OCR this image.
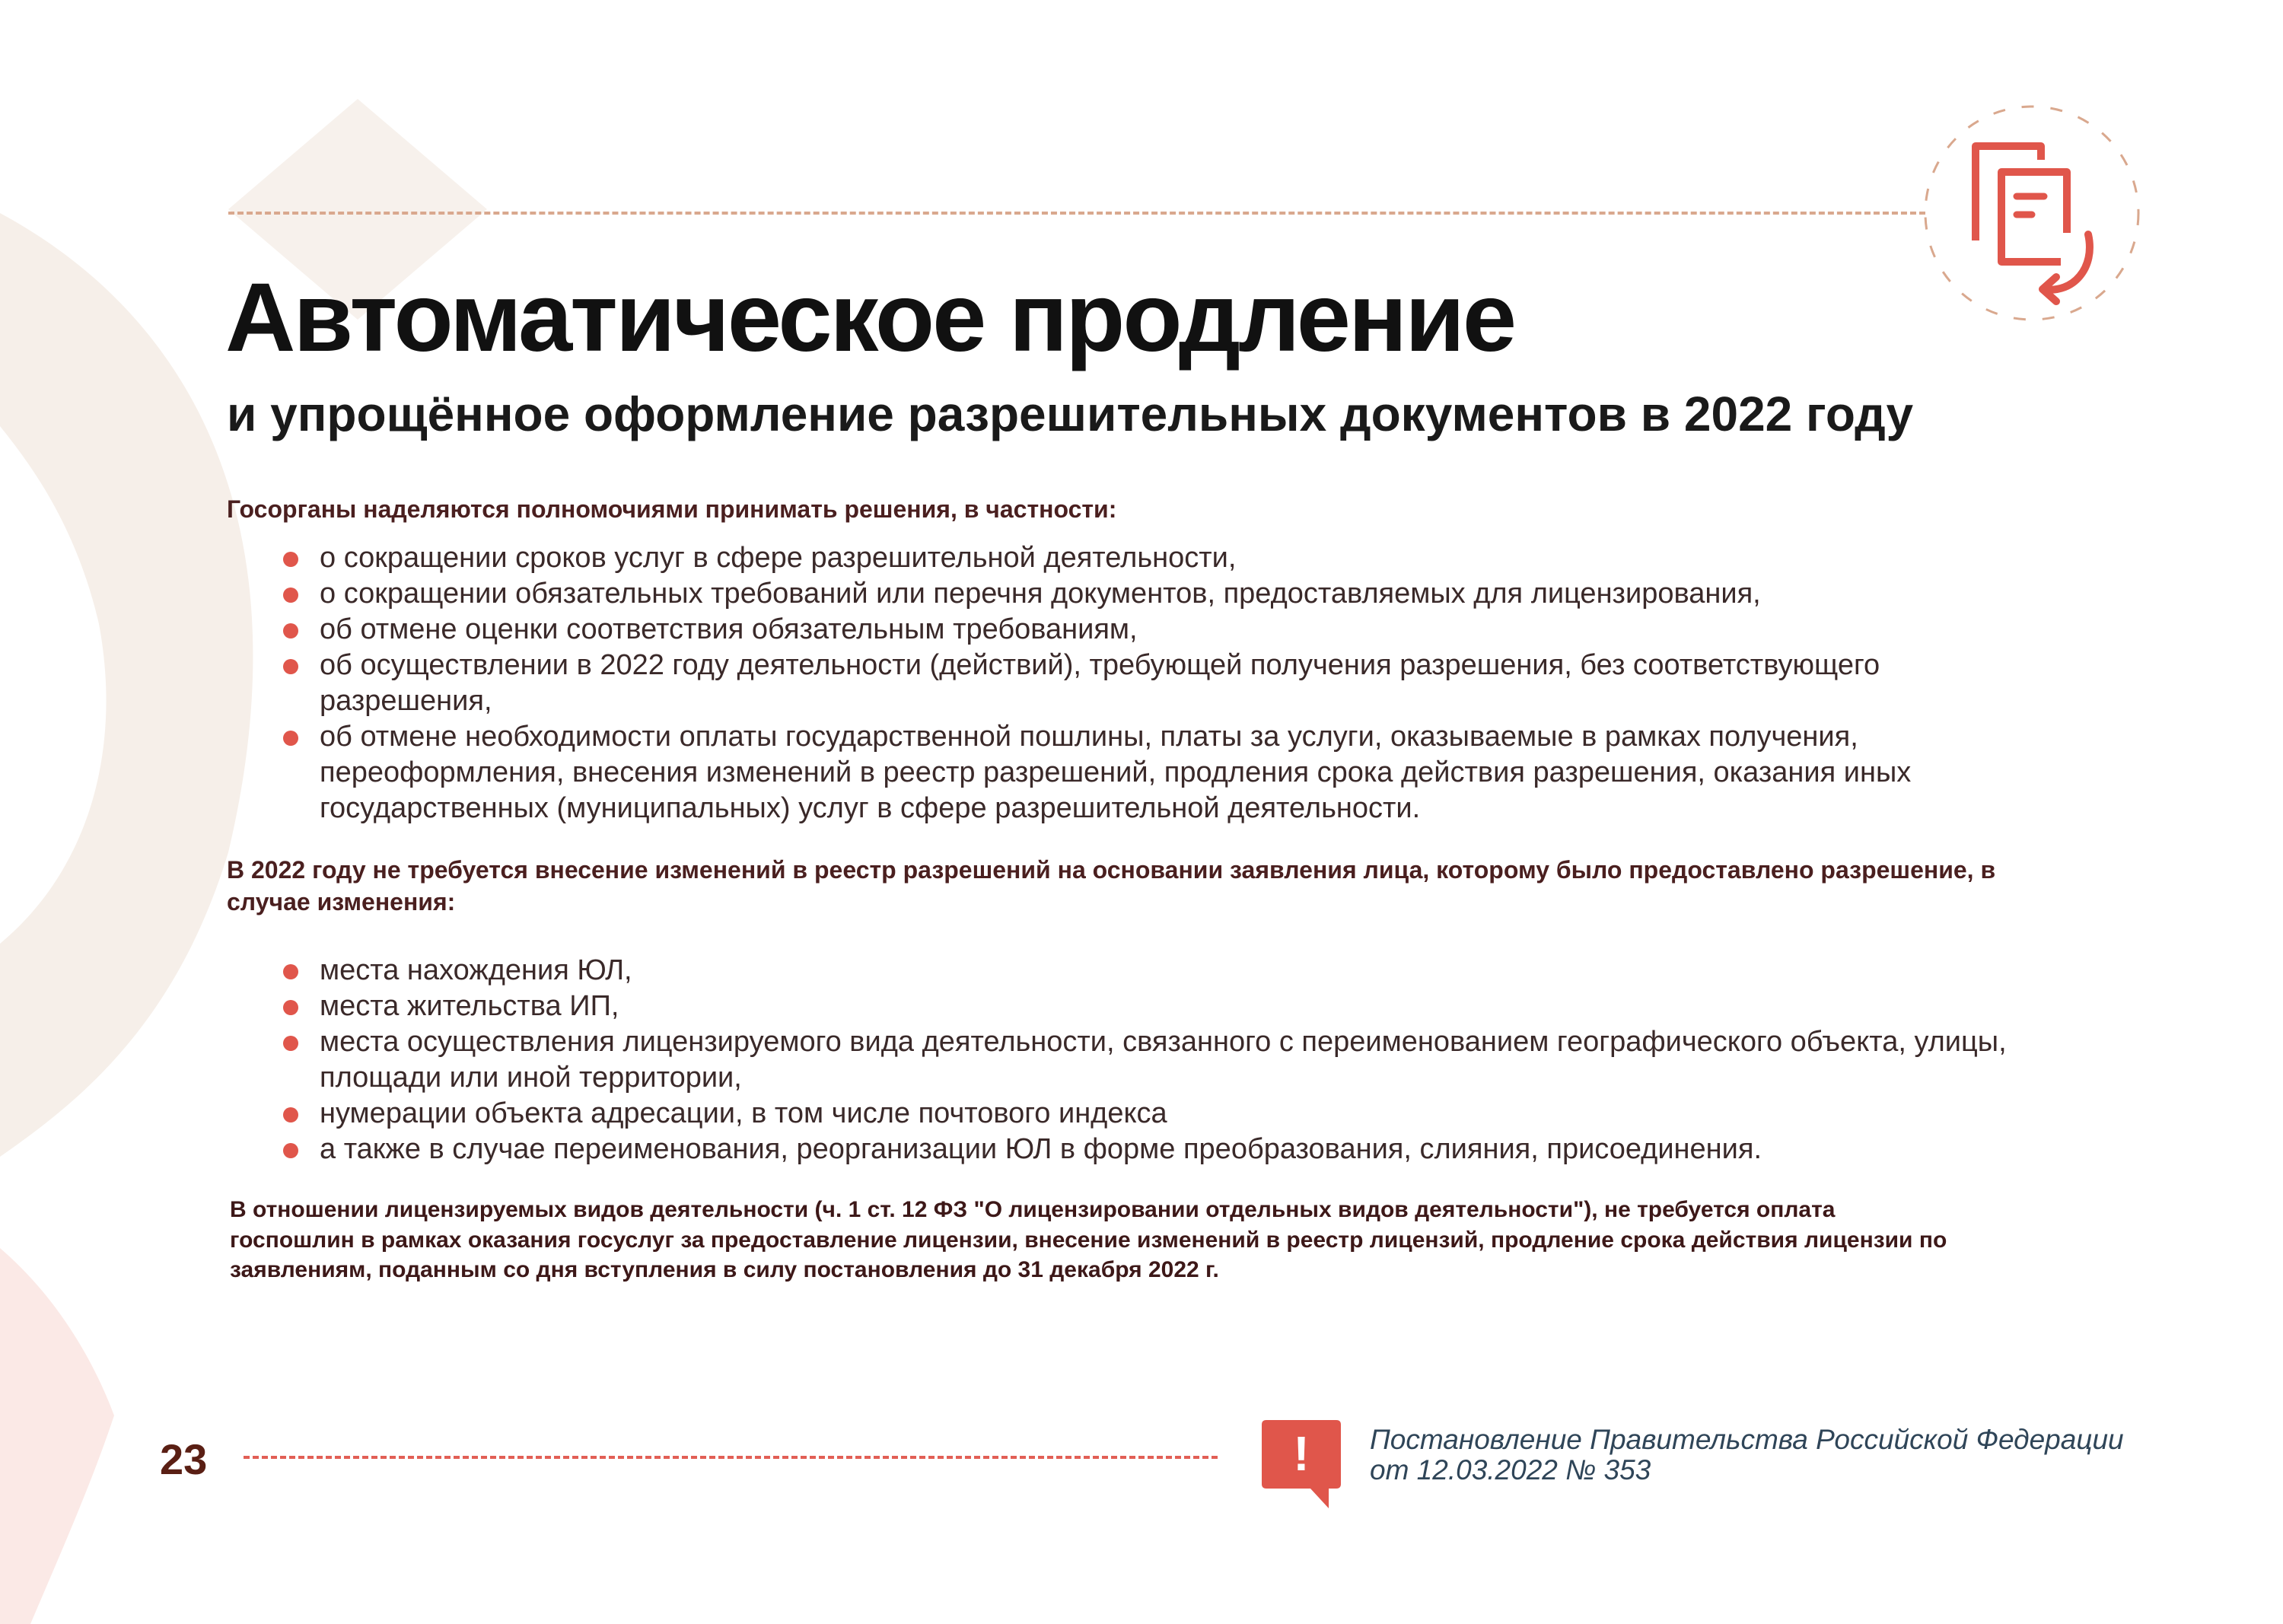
Автоматическое продление
и упрощённое оформление разрешительных документов в 2022 году

Госорганы наделяются полномочиями принимать решения, в частности:

о сокращении сроков услуг в сфере разрешительной деятельности,
о сокращении обязательных требований или перечня документов, предоставляемых для лицензирования,
об отмене оценки соответствия обязательным требованиям,
об осуществлении в 2022 году деятельности (действий), требующей получения разрешения, без соответствующего разрешения,
об отмене необходимости оплаты государственной пошлины, платы за услуги, оказываемые в рамках получения, переоформления, внесения изменений в реестр разрешений, продления срока действия разрешения, оказания иных государственных (муниципальных) услуг в сфере разрешительной деятельности.

В 2022 году не требуется внесение изменений в реестр разрешений на основании заявления лица, которому было предоставлено разрешение, в случае изменения:

места нахождения ЮЛ,
места жительства ИП,
места осуществления лицензируемого вида деятельности, связанного с переименованием географического объекта, улицы, площади или иной территории,
нумерации объекта адресации, в том числе почтового индекса
а также в случае переименования, реорганизации ЮЛ в форме преобразования, слияния, присоединения.

В отношении лицензируемых видов деятельности (ч. 1 ст. 12 ФЗ "О лицензировании отдельных видов деятельности"), не требуется оплата госпошлин в рамках оказания госуслуг за предоставление лицензии, внесение изменений в реестр лицензий, продление срока действия лицензии по заявлениям, поданным со дня вступления в силу постановления до 31 декабря 2022 г.

23	! Постановление Правительства Российской Федерации от 12.03.2022 № 353
